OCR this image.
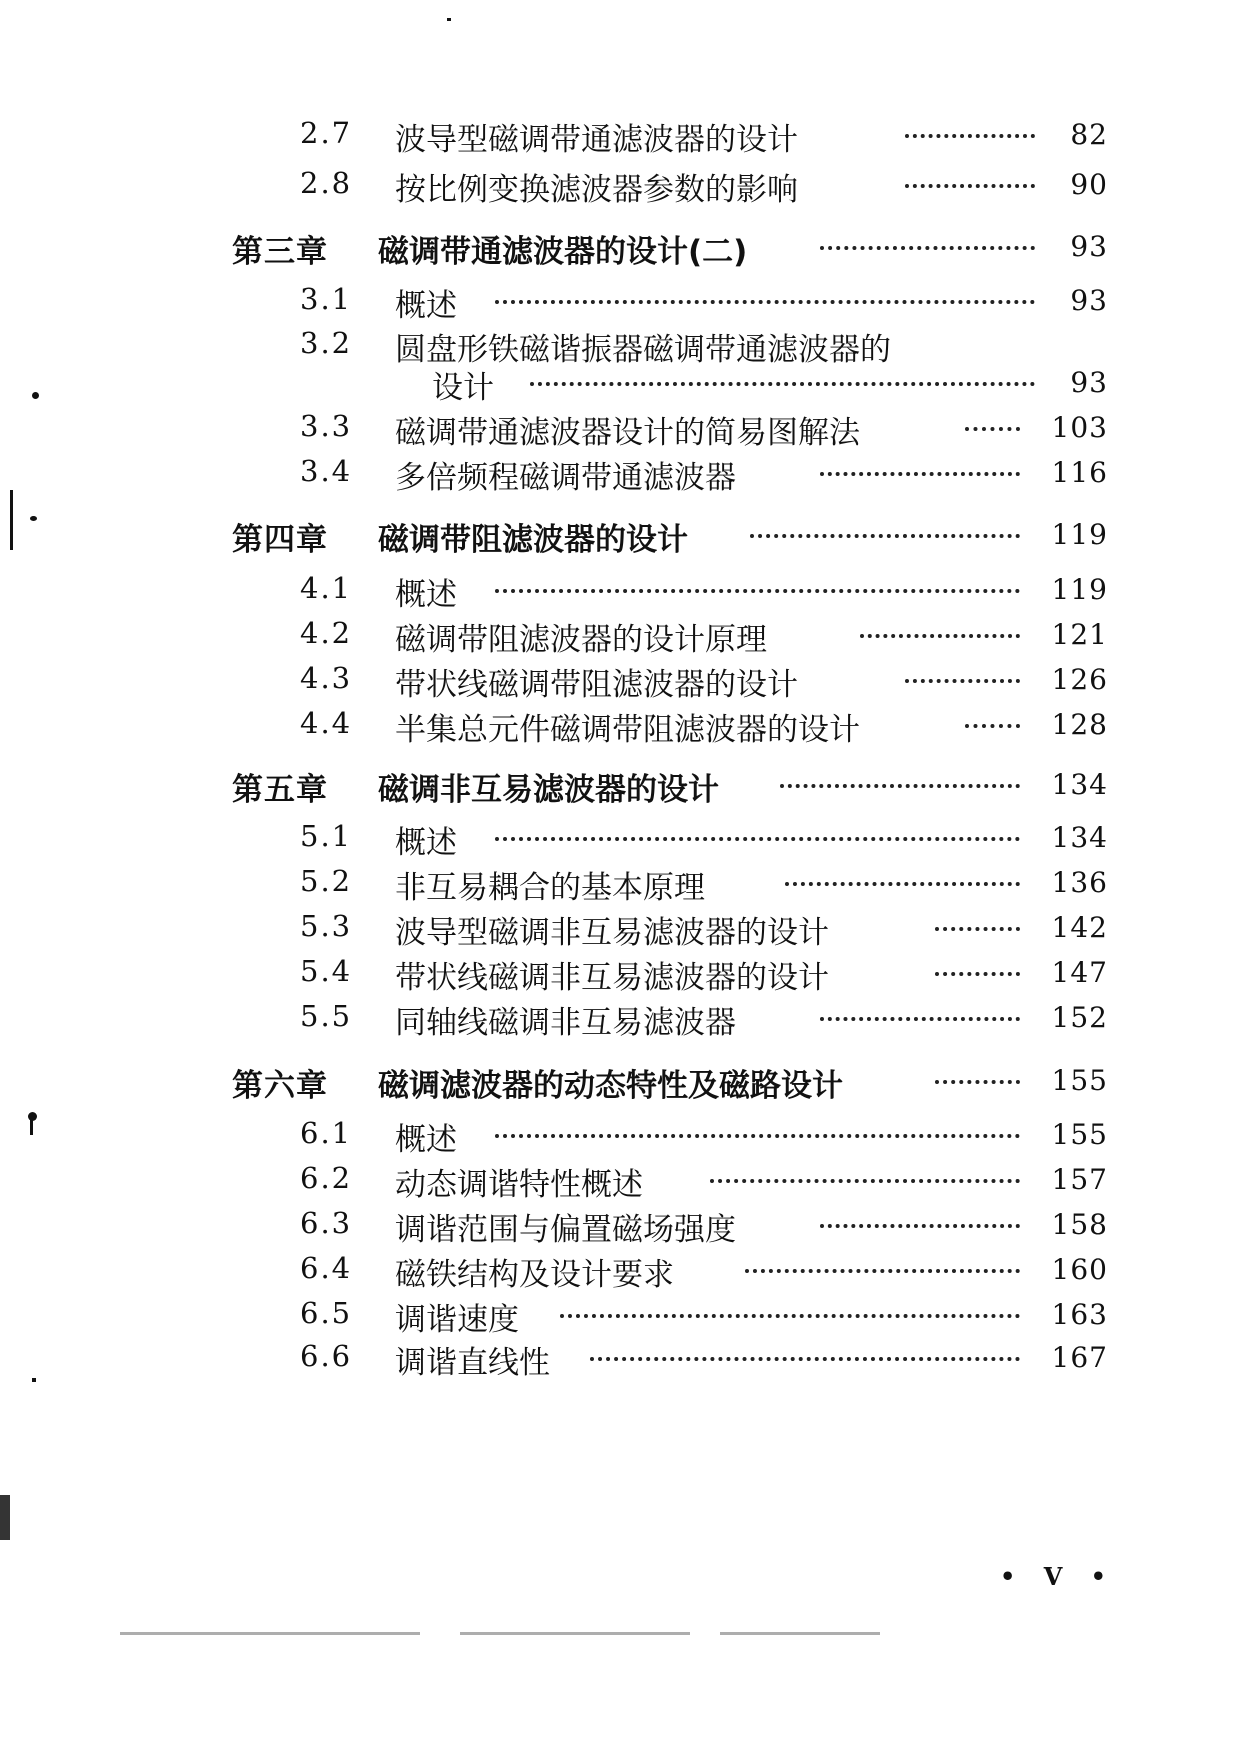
2.7	波导型磁调带通滤波器的设计	82
2.8	按比例变换滤波器参数的影响	90
第三章 磁调带通滤波器的设计(二)	93
3.1	概述	93
3.2	圆盘形铁磁谐振器磁调带通滤波器的
设计	93
3.3	磁调带通滤波器设计的简易图解法	103
3.4	多倍频程磁调带通滤波器	116
第四章 磁调带阻滤波器的设计	119
4.1	概述	119
4.2	磁调带阻滤波器的设计原理	121
4.3	带状线磁调带阻滤波器的设计	126
4.4	半集总元件磁调带阻滤波器的设计	128
第五章 磁调非互易滤波器的设计	134
5.1	概述	134
5.2	非互易耦合的基本原理	136
5.3	波导型磁调非互易滤波器的设计	142
5.4	带状线磁调非互易滤波器的设计	147
5.5	同轴线磁调非互易滤波器	152
第六章 磁调滤波器的动态特性及磁路设计	155
6.1	概述	155
6.2	动态调谐特性概述	157
6.3	调谐范围与偏置磁场强度	158
6.4	磁铁结构及设计要求	160
6.5	调谐速度	163
6.6	调谐直线性	167
• V •
